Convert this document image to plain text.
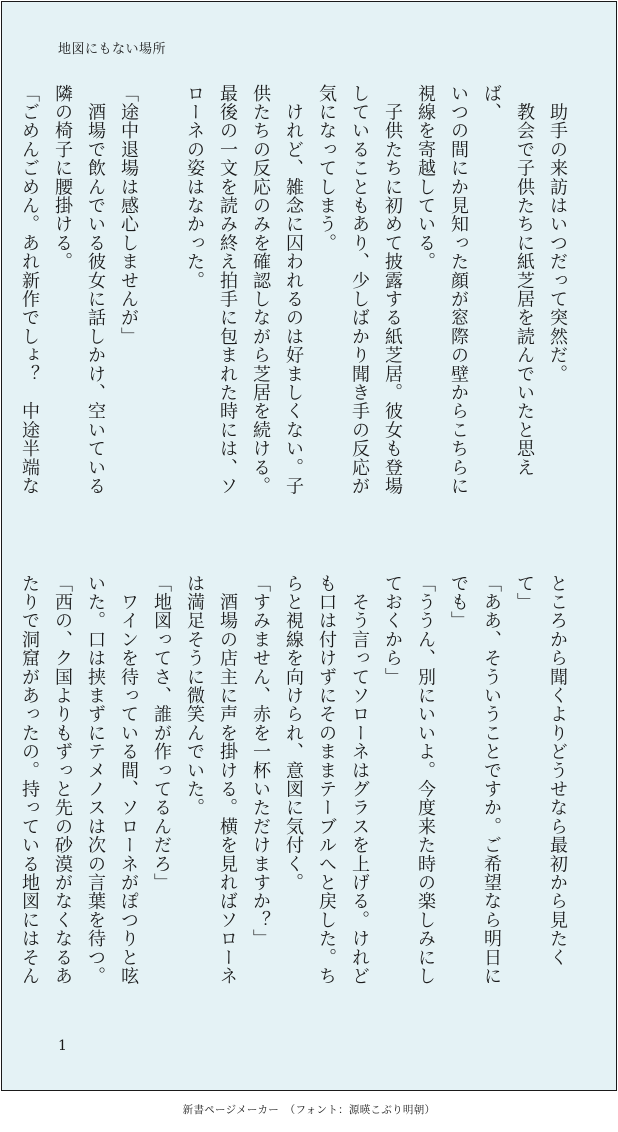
地図にもない場所

　助手の来訪はいつだって突然だ。

　教会で子供たちに紙芝居を読んでいたと思えば、

いつの間にか見知った顔が窓際の壁からこちらに

視線を寄越している。

　子供たちに初めて披露する紙芝居。彼女も登場

していることもあり、少しばかり聞き手の反応が

気になってしまう。

　けれど、雑念に囚われるのは好ましくない。子

供たちの反応のみを確認しながら芝居を続ける。

最後の一文を読み終え拍手に包まれた時には、ソ

ローネの姿はなかった。

「途中退場は感心しませんが」

　酒場で飲んでいる彼女に話しかけ、空いている

隣の椅子に腰掛ける。

「ごめんごめん。あれ新作でしょ？　中途半端な

ところから聞くよりどうせなら最初から見たくて」

「ああ、そういうことですか。ご希望なら明日に

でも」

「ううん、別にいいよ。今度来た時の楽しみにし

ておくから」

　そう言ってソローネはグラスを上げる。けれど

も口は付けずにそのままテーブルへと戻した。ち

らと視線を向けられ、意図に気付く。

「すみません、赤を一杯いただけますか？」

　酒場の店主に声を掛ける。横を見ればソローネ

は満足そうに微笑んでいた。

「地図ってさ、誰が作ってるんだろ」

　ワインを待っている間、ソローネがぽつりと呟

いた。口は挟まずにテメノスは次の言葉を待つ。

「西の、ク国よりもずっと先の砂漠がなくなるあ

たりで洞窟があったの。持っている地図にはそん

1
新書ページメーカー　（フォント：源暎こぶり明朝）
